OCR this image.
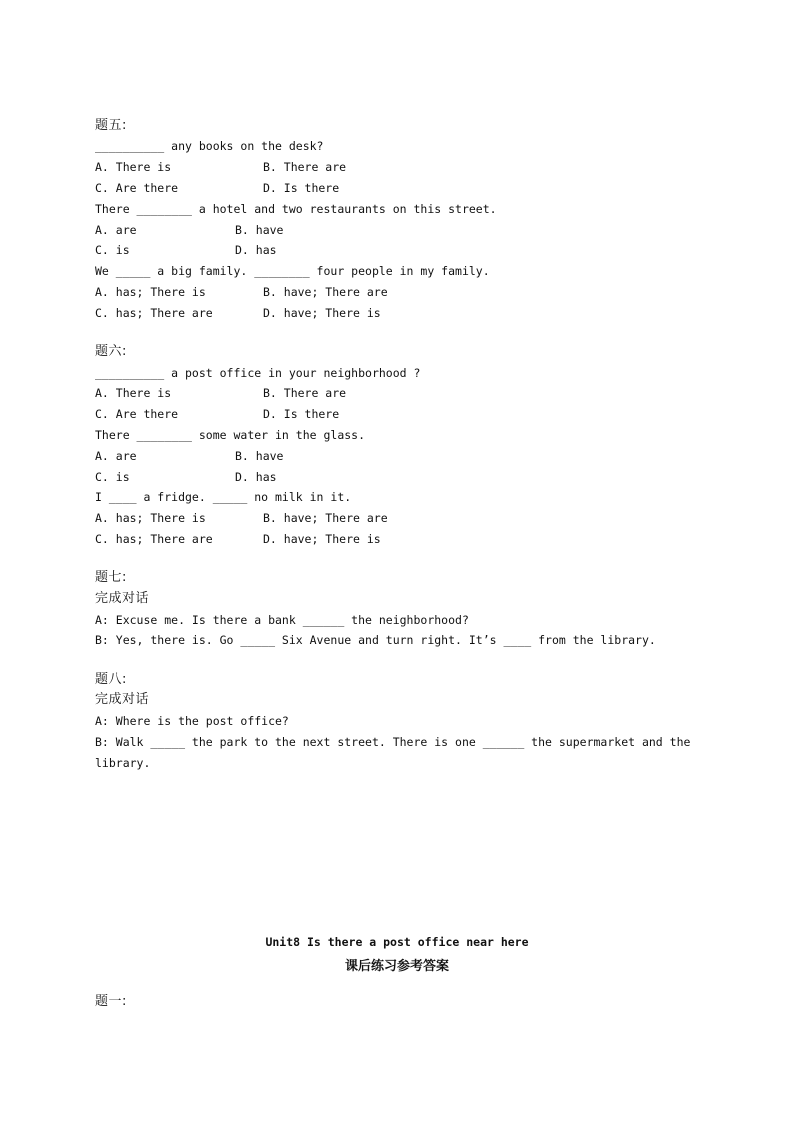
题五:
__________ any books on the desk?
A. There is	B. There are
C. Are there	D. Is there
There ________ a hotel and two restaurants on this street.
A. are	B. have
C. is	D. has
We _____ a big family. ________ four people in my family.
A. has; There is	B. have; There are
C. has; There are	D. have; There is
题六:
__________ a post office in your neighborhood ?
A. There is	B. There are
C. Are there	D. Is there
There ________ some water in the glass.
A. are	B. have
C. is	D. has
I ____ a fridge. _____ no milk in it.
A. has; There is	B. have; There are
C. has; There are	D. have; There is
题七:
完成对话
A: Excuse me. Is there a bank ______ the neighborhood?
B: Yes, there is. Go _____ Six Avenue and turn right. It’s ____ from the library.
题八:
完成对话
A: Where is the post office?
B: Walk _____ the park to the next street. There is one ______ the supermarket and the
library.
Unit8 Is there a post office near here
课后练习参考答案
题一:
